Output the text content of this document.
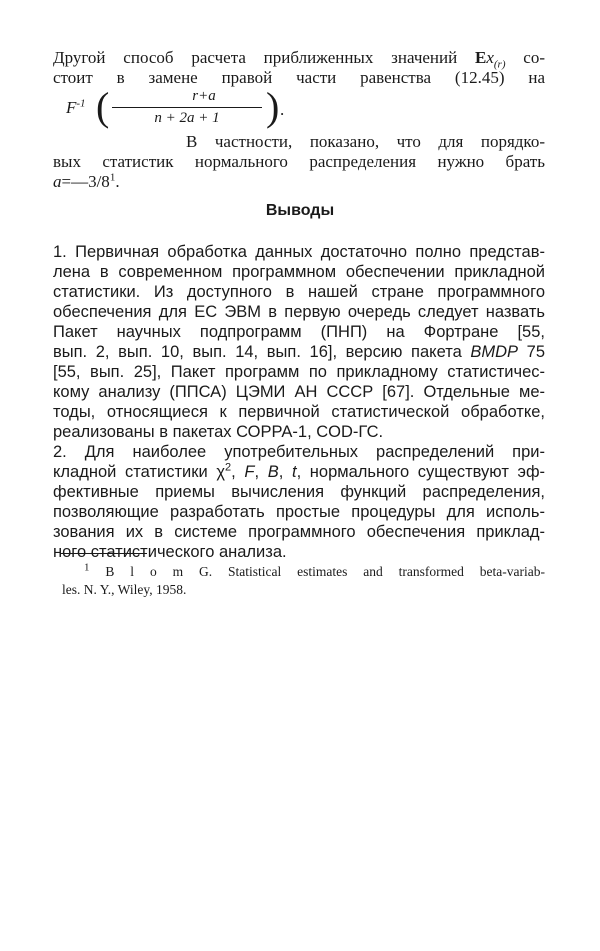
Другой способ расчета приближенных значений $Ex_{(r)}$ со-
стоит в замене правой части равенства (12.45) на
$F^{-1}$ (	r+a
n + 2a + 1	) .
В частности, показано, что для порядко-
вых статистик нормального распределения нужно брать
$a=—3/8^1$.
Выводы
1. Первичная обработка данных достаточно полно представ-
лена в современном программном обеспечении прикладной
статистики. Из доступного в нашей стране программного
обеспечения для ЕС ЭВМ в первую очередь следует назвать
Пакет научных подпрограмм (ПНП) на Фортране [55,
вып. 2, вып. 10, вып. 14, вып. 16], версию пакета BMDP 75
[55, вып. 25], Пакет программ по прикладному статистичес-
кому анализу (ППСА) ЦЭМИ АН СССР [67]. Отдельные ме-
тоды, относящиеся к первичной статистической обработке,
реализованы в пакетах СОРРА-1, COD-ГС.
2. Для наиболее употребительных распределений при-
кладной статистики $\chi^2$, F, B, t, нормального существуют эф-
фективные приемы вычисления функций распределения,
позволяющие разработать простые процедуры для исполь-
зования их в системе программного обеспечения приклад-
ного статистического анализа.
$^1$ B l o m G. Statistical estimates and transformed beta-variab-
les. N. Y., Wiley, 1958.
